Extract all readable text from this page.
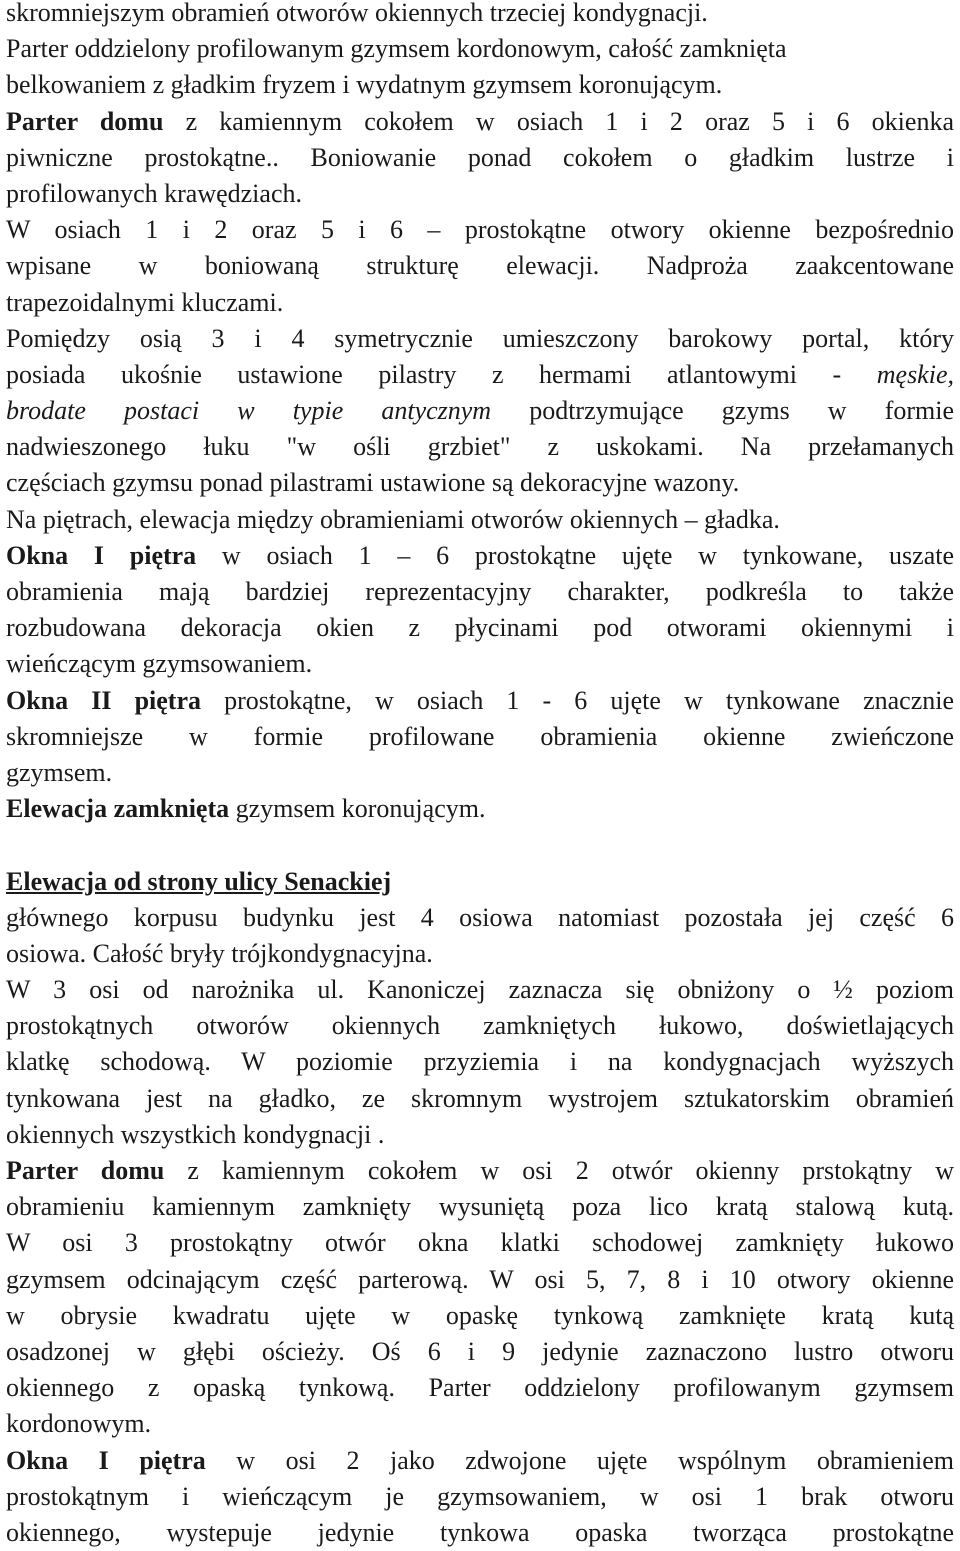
skromniejszym obramień otworów okiennych trzeciej kondygnacji.
Parter oddzielony profilowanym gzymsem kordonowym, całość zamknięta
belkowaniem z gładkim fryzem i wydatnym gzymsem koronującym.
Parter domu z kamiennym cokołem w osiach 1 i 2 oraz 5 i 6 okienka
piwniczne prostokątne.. Boniowanie ponad cokołem o gładkim lustrze i
profilowanych krawędziach.
W osiach 1 i 2 oraz 5 i 6 – prostokątne otwory okienne bezpośrednio
wpisane w boniowaną strukturę elewacji. Nadproża zaakcentowane
trapezoidalnymi kluczami.
Pomiędzy osią 3 i 4 symetrycznie umieszczony barokowy portal, który
posiada ukośnie ustawione pilastry z hermami atlantowymi - męskie,
brodate postaci w typie antycznym podtrzymujące gzyms w formie
nadwieszonego łuku "w ośli grzbiet" z uskokami. Na przełamanych
częściach gzymsu ponad pilastrami ustawione są dekoracyjne wazony.
Na piętrach, elewacja między obramieniami otworów okiennych – gładka.
Okna I piętra w osiach 1 – 6 prostokątne ujęte w tynkowane, uszate
obramienia mają bardziej reprezentacyjny charakter, podkreśla to także
rozbudowana dekoracja okien z płycinami pod otworami okiennymi i
wieńczącym gzymsowaniem.
Okna II piętra prostokątne, w osiach 1 - 6 ujęte w tynkowane znacznie
skromniejsze w formie profilowane obramienia okienne zwieńczone
gzymsem.
Elewacja zamknięta gzymsem koronującym.
Elewacja od strony ulicy Senackiej
głównego korpusu budynku jest 4 osiowa natomiast pozostała jej część 6
osiowa. Całość bryły trójkondygnacyjna.
W 3 osi od narożnika ul. Kanoniczej zaznacza się obniżony o ½ poziom
prostokątnych otworów okiennych zamkniętych łukowo, doświetlających
klatkę schodową. W poziomie przyziemia i na kondygnacjach wyższych
tynkowana jest na gładko, ze skromnym wystrojem sztukatorskim obramień
okiennych wszystkich kondygnacji .
Parter domu z kamiennym cokołem w osi 2 otwór okienny prstokątny w
obramieniu kamiennym zamknięty wysuniętą poza lico kratą stalową kutą.
W osi 3 prostokątny otwór okna klatki schodowej zamknięty łukowo
gzymsem odcinającym część parterową. W osi 5, 7, 8 i 10 otwory okienne
w obrysie kwadratu ujęte w opaskę tynkową zamknięte kratą kutą
osadzonej w głębi ościeży. Oś 6 i 9 jedynie zaznaczono lustro otworu
okiennego z opaską tynkową. Parter oddzielony profilowanym gzymsem
kordonowym.
Okna I piętra w osi 2 jako zdwojone ujęte wspólnym obramieniem
prostokątnym i wieńczącym je gzymsowaniem, w osi 1 brak otworu
okiennego, wystepuje jedynie tynkowa opaska tworząca prostokątne
